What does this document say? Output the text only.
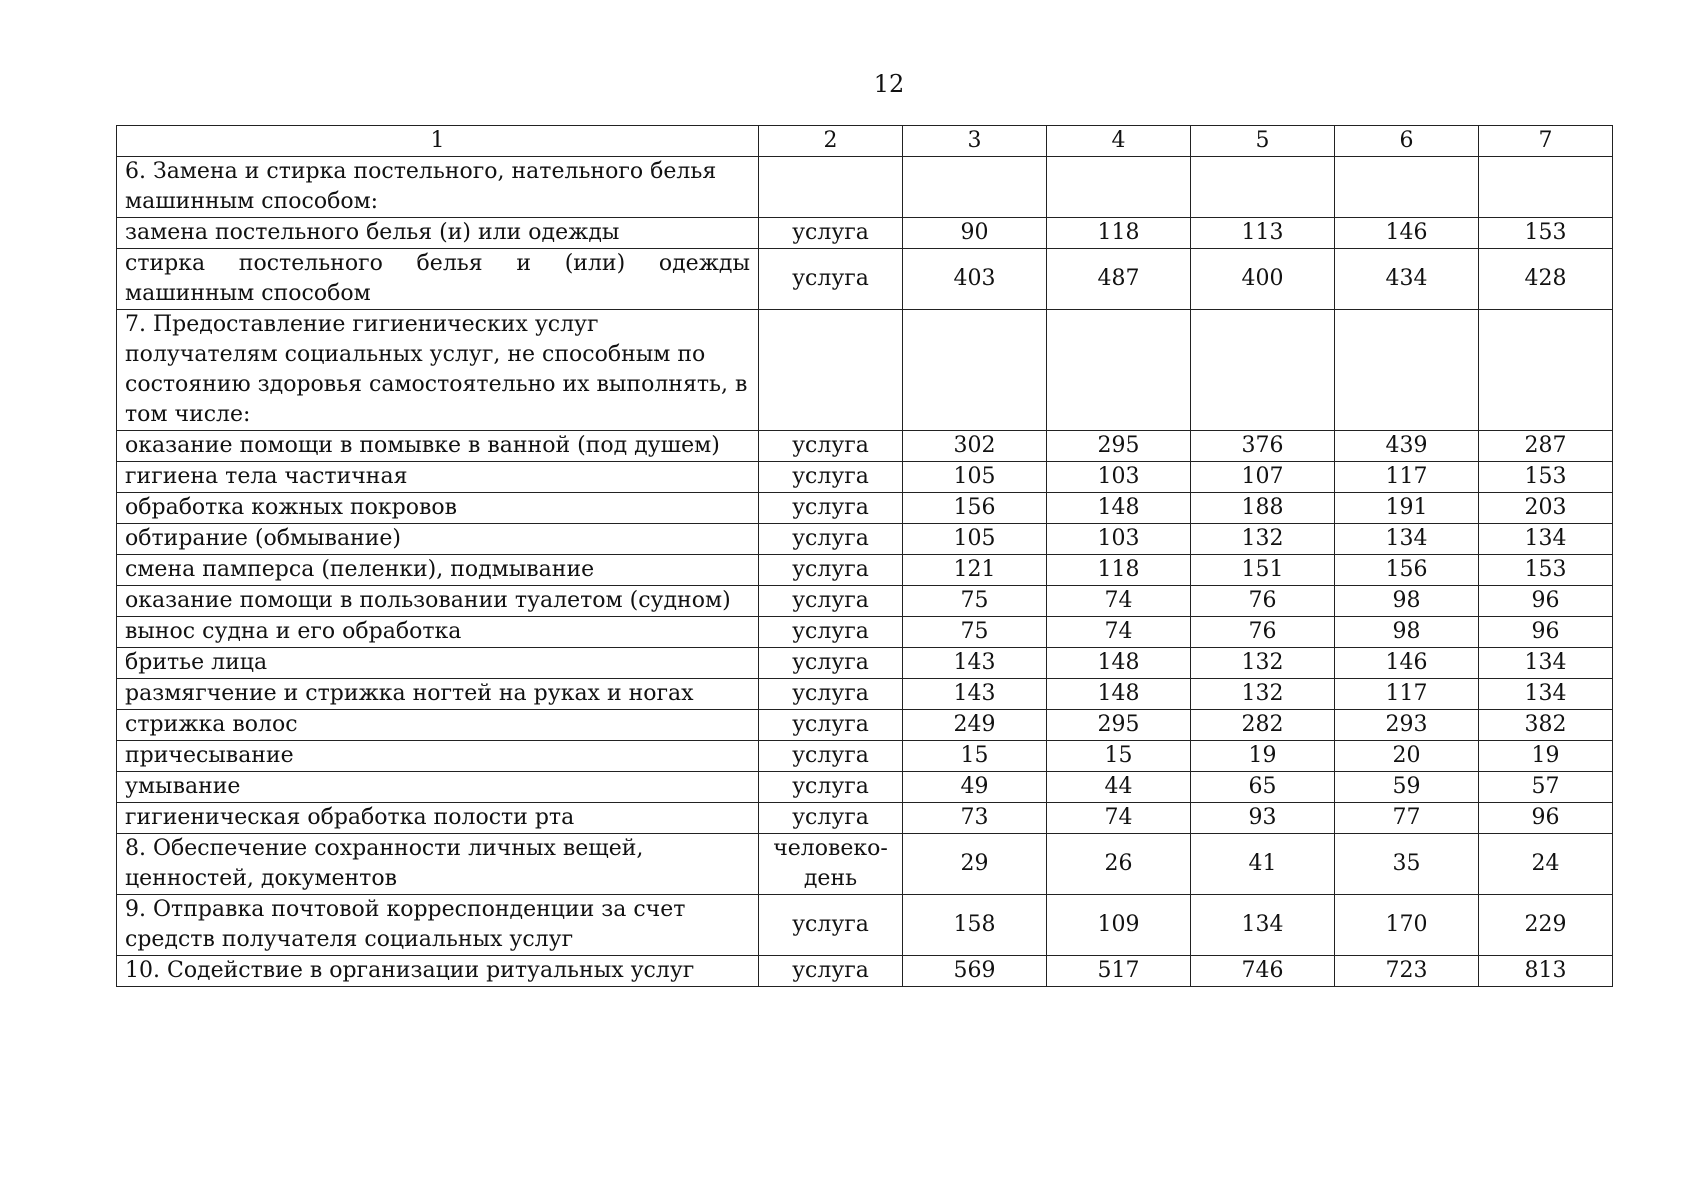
12
1	2	3	4	5	6	7
6. Замена и стирка постельного, нательного белья машинным способом:						
замена постельного белья (и) или одежды	услуга	90	118	113	146	153
стирка постельного белья и (или) одежды машинным способом	услуга	403	487	400	434	428
7. Предоставление гигиенических услуг получателям социальных услуг, не способным по состоянию здоровья самостоятельно их выполнять, в том числе:						
оказание помощи в помывке в ванной (под душем)	услуга	302	295	376	439	287
гигиена тела частичная	услуга	105	103	107	117	153
обработка кожных покровов	услуга	156	148	188	191	203
обтирание (обмывание)	услуга	105	103	132	134	134
смена памперса (пеленки), подмывание	услуга	121	118	151	156	153
оказание помощи в пользовании туалетом (судном)	услуга	75	74	76	98	96
вынос судна и его обработка	услуга	75	74	76	98	96
бритье лица	услуга	143	148	132	146	134
размягчение и стрижка ногтей на руках и ногах	услуга	143	148	132	117	134
стрижка волос	услуга	249	295	282	293	382
причесывание	услуга	15	15	19	20	19
умывание	услуга	49	44	65	59	57
гигиеническая обработка полости рта	услуга	73	74	93	77	96
8. Обеспечение сохранности личных вещей, ценностей, документов	человеко-день	29	26	41	35	24
9. Отправка почтовой корреспонденции за счет средств получателя социальных услуг	услуга	158	109	134	170	229
10. Содействие в организации ритуальных услуг	услуга	569	517	746	723	813
